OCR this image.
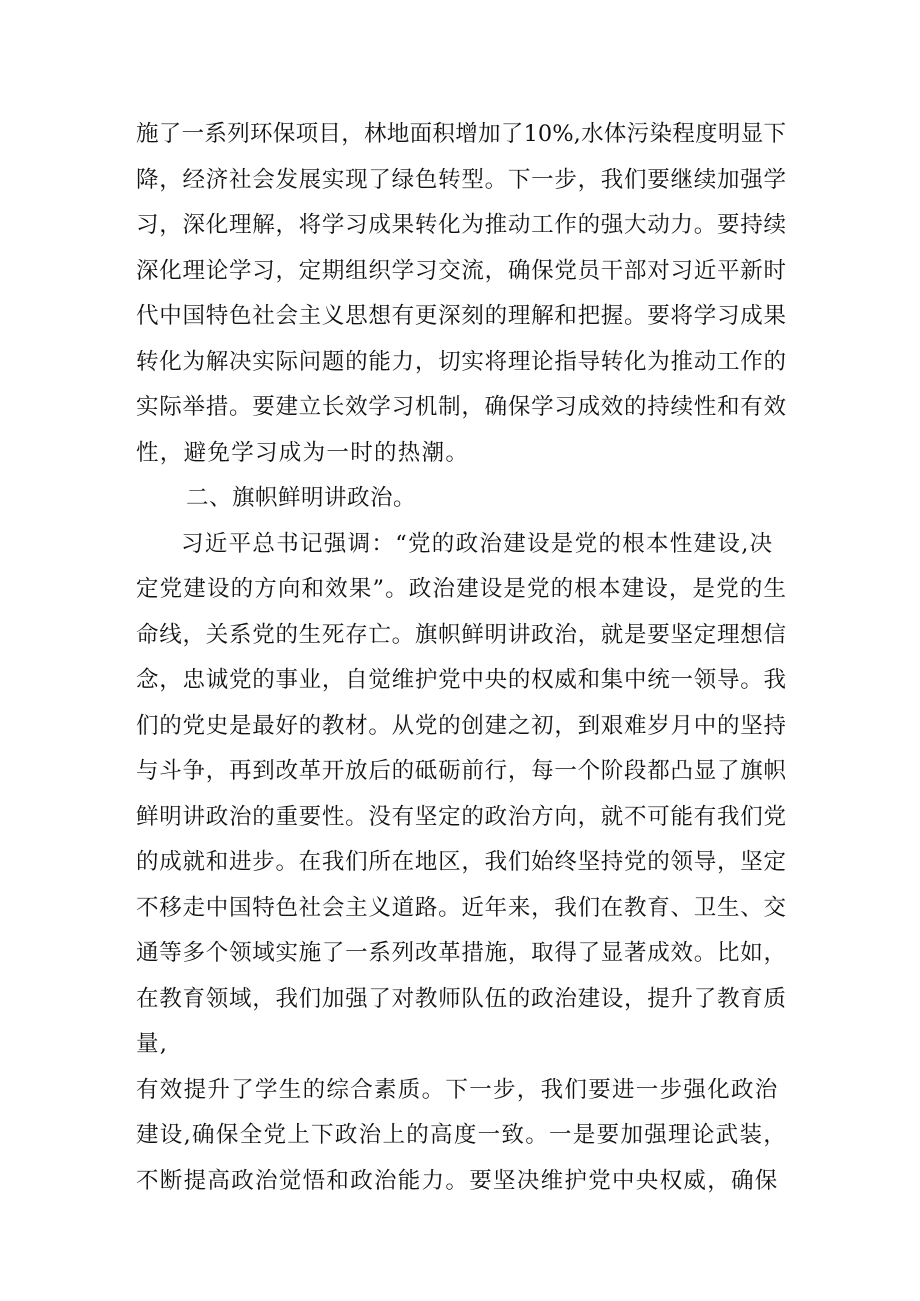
施了一系列环保项目，林地面积增加了10%,水体污染程度明显下
降，经济社会发展实现了绿色转型。下一步，我们要继续加强学
习，深化理解，将学习成果转化为推动工作的强大动力。要持续
深化理论学习，定期组织学习交流，确保党员干部对习近平新时
代中国特色社会主义思想有更深刻的理解和把握。要将学习成果
转化为解决实际问题的能力，切实将理论指导转化为推动工作的
实际举措。要建立长效学习机制，确保学习成效的持续性和有效
性，避免学习成为一时的热潮。
二、旗帜鲜明讲政治。
习近平总书记强调：“党的政治建设是党的根本性建设,决
定党建设的方向和效果”。政治建设是党的根本建设，是党的生
命线，关系党的生死存亡。旗帜鲜明讲政治，就是要坚定理想信
念，忠诚党的事业，自觉维护党中央的权威和集中统一领导。我
们的党史是最好的教材。从党的创建之初，到艰难岁月中的坚持
与斗争，再到改革开放后的砥砺前行，每一个阶段都凸显了旗帜
鲜明讲政治的重要性。没有坚定的政治方向，就不可能有我们党
的成就和进步。在我们所在地区，我们始终坚持党的领导，坚定
不移走中国特色社会主义道路。近年来，我们在教育、卫生、交
通等多个领域实施了一系列改革措施，取得了显著成效。比如，
在教育领域，我们加强了对教师队伍的政治建设，提升了教育质
量,
有效提升了学生的综合素质。下一步，我们要进一步强化政治
建设,确保全党上下政治上的高度一致。一是要加强理论武装，
不断提高政治觉悟和政治能力。要坚决维护党中央权威，确保
